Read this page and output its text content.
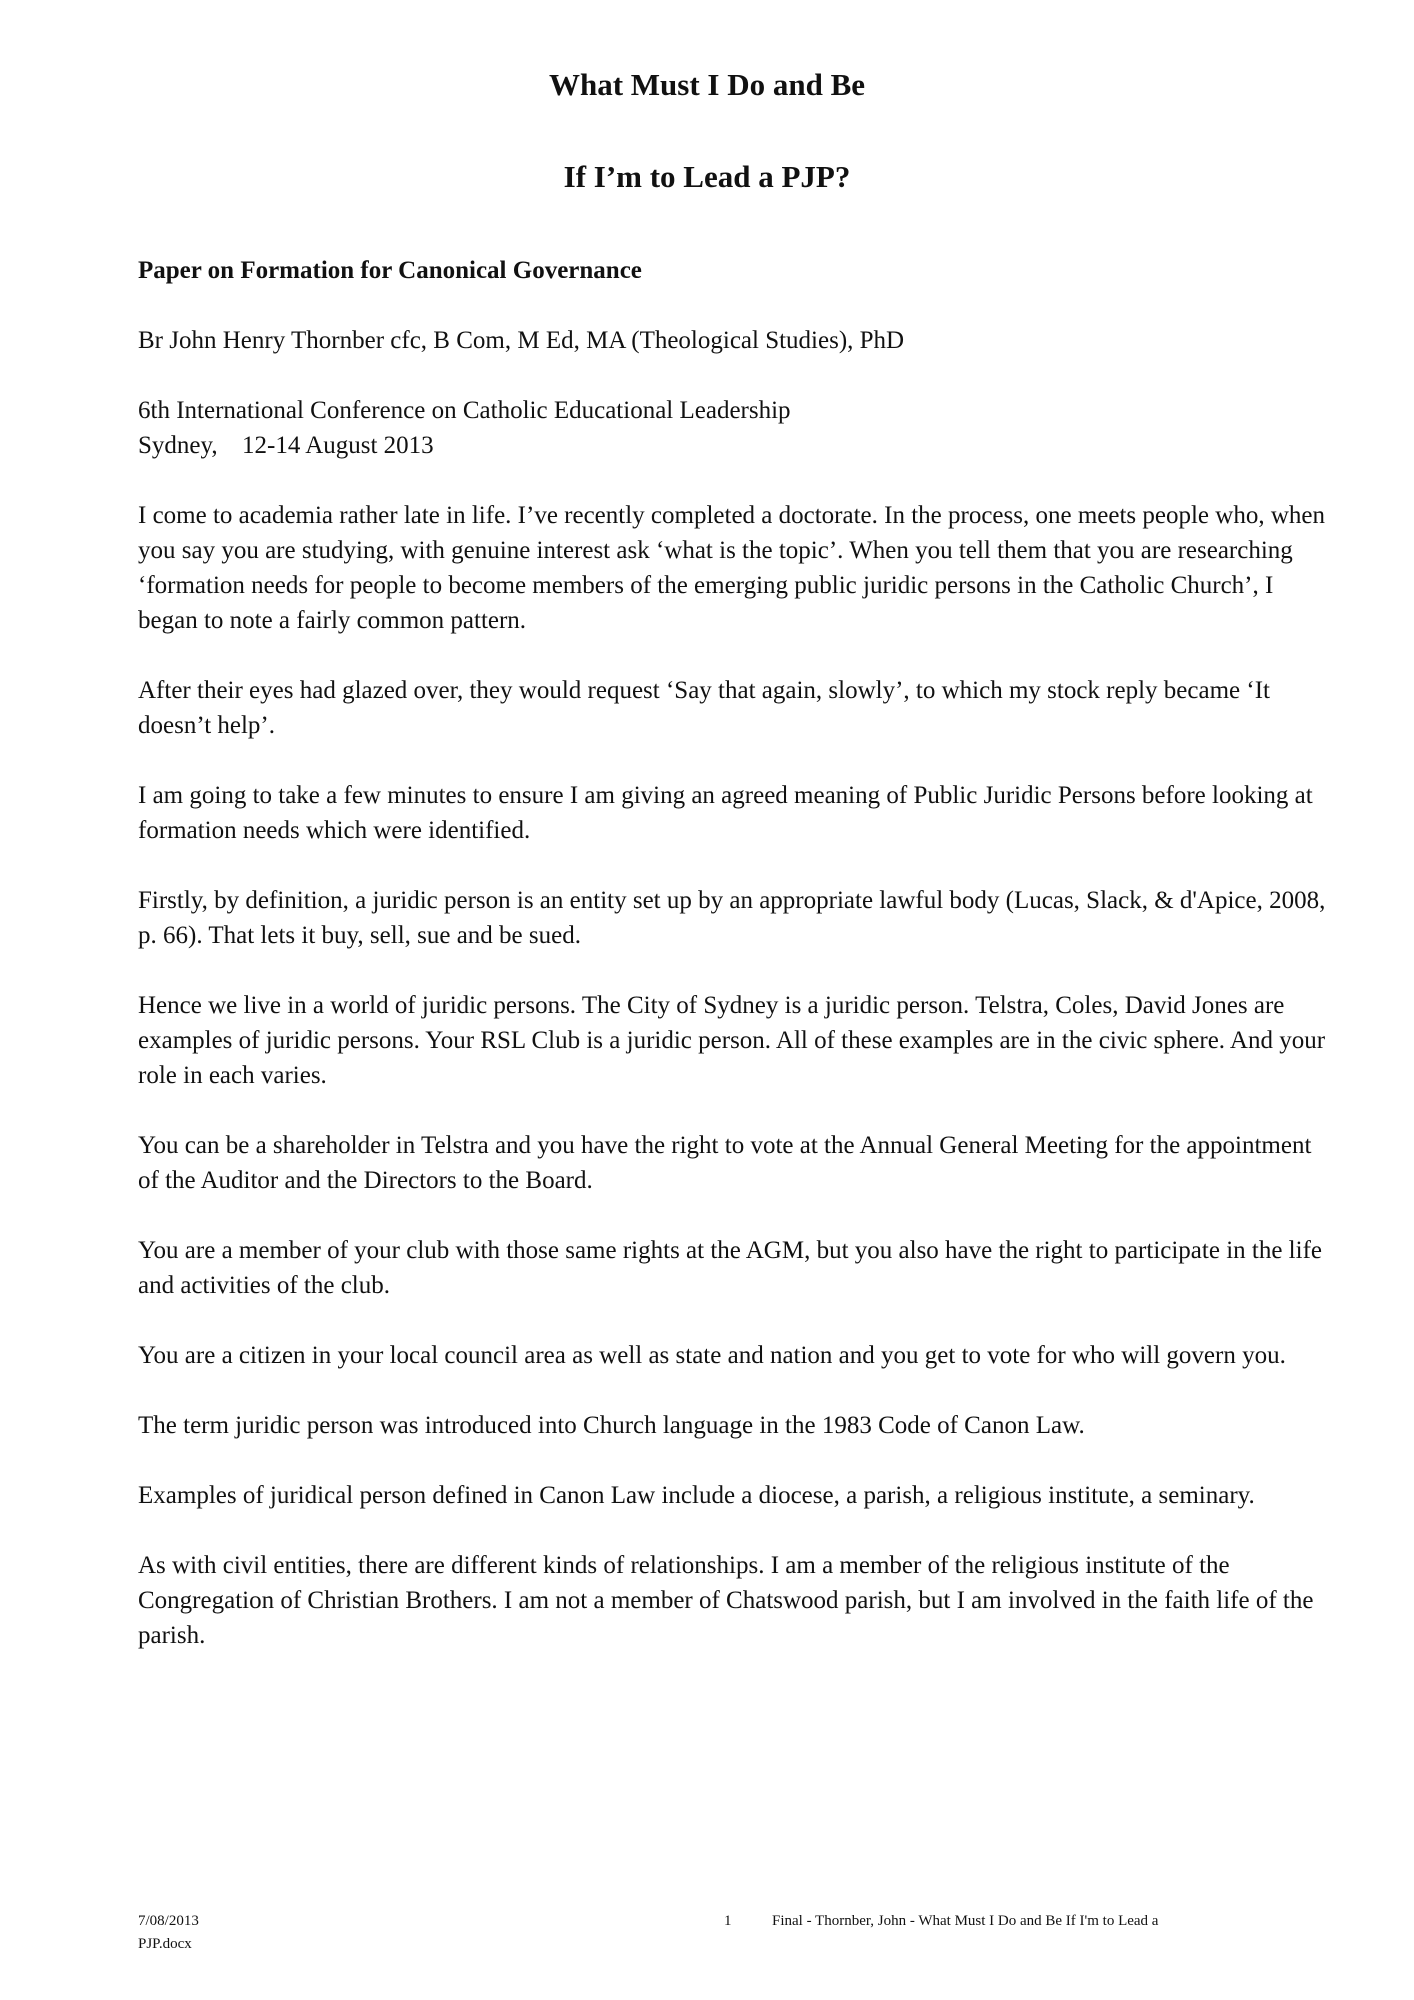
What Must I Do and Be
If I’m to Lead a PJP?

Paper on Formation for Canonical Governance

Br John Henry Thornber cfc, B Com, M Ed, MA (Theological Studies), PhD

6th International Conference on Catholic Educational Leadership
Sydney, 12-14 August 2013

I come to academia rather late in life. I’ve recently completed a doctorate. In the process, one meets people who, when you say you are studying, with genuine interest ask ‘what is the topic’. When you tell them that you are researching ‘formation needs for people to become members of the emerging public juridic persons in the Catholic Church’, I began to note a fairly common pattern.

After their eyes had glazed over, they would request ‘Say that again, slowly’, to which my stock reply became ‘It doesn’t help’.

I am going to take a few minutes to ensure I am giving an agreed meaning of Public Juridic Persons before looking at formation needs which were identified.

Firstly, by definition, a juridic person is an entity set up by an appropriate lawful body (Lucas, Slack, & d'Apice, 2008, p. 66). That lets it buy, sell, sue and be sued.

Hence we live in a world of juridic persons. The City of Sydney is a juridic person. Telstra, Coles, David Jones are examples of juridic persons. Your RSL Club is a juridic person. All of these examples are in the civic sphere. And your role in each varies.

You can be a shareholder in Telstra and you have the right to vote at the Annual General Meeting for the appointment of the Auditor and the Directors to the Board.

You are a member of your club with those same rights at the AGM, but you also have the right to participate in the life and activities of the club.

You are a citizen in your local council area as well as state and nation and you get to vote for who will govern you.

The term juridic person was introduced into Church language in the 1983 Code of Canon Law.

Examples of juridical person defined in Canon Law include a diocese, a parish, a religious institute, a seminary.

As with civil entities, there are different kinds of relationships. I am a member of the religious institute of the Congregation of Christian Brothers. I am not a member of Chatswood parish, but I am involved in the faith life of the parish.

7/08/2013
PJP.docx
1	Final - Thornber, John - What Must I Do and Be If I'm to Lead a
